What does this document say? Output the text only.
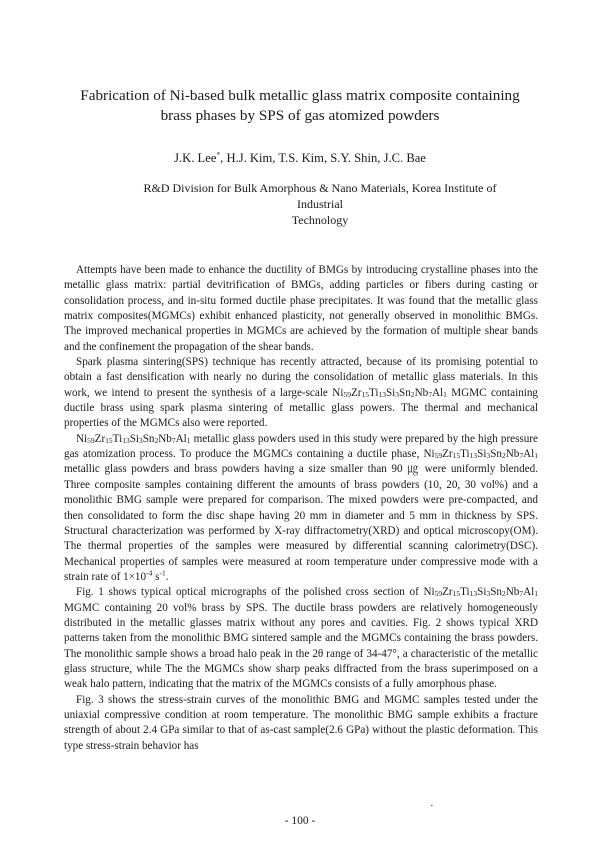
Fabrication of Ni-based bulk metallic glass matrix composite containing
brass phases by SPS of gas atomized powders
J.K. Lee*, H.J. Kim, T.S. Kim, S.Y. Shin, J.C. Bae
R&D Division for Bulk Amorphous & Nano Materials, Korea Institute of Industrial
Technology

Attempts have been made to enhance the ductility of BMGs by introducing crystalline phases into the metallic glass matrix: partial devitrification of BMGs, adding particles or fibers during casting or consolidation process, and in-situ formed ductile phase precipitates. It was found that the metallic glass matrix composites(MGMCs) exhibit enhanced plasticity, not generally observed in monolithic BMGs. The improved mechanical properties in MGMCs are achieved by the formation of multiple shear bands and the confinement the propagation of the shear bands.

Spark plasma sintering(SPS) technique has recently attracted, because of its promising potential to obtain a fast densification with nearly no during the consolidation of metallic glass materials. In this work, we intend to present the synthesis of a large-scale $Ni_{59}Zr_{15}Ti_{13}Si_3Sn_2Nb_7Al_1$ MGMC containing ductile brass using spark plasma sintering of metallic glass powers. The thermal and mechanical properties of the MGMCs also were reported.

$Ni_{59}Zr_{15}Ti_{13}Si_3Sn_2Nb_7Al_1$ metallic glass powders used in this study were prepared by the high pressure gas atomization process. To produce the MGMCs containing a ductile phase, $Ni_{59}Zr_{15}Ti_{13}Si_3Sn_2Nb_7Al_1$ metallic glass powders and brass powders having a size smaller than 90 ㎍ were uniformly blended. Three composite samples containing different the amounts of brass powders (10, 20, 30 vol%) and a monolithic BMG sample were prepared for comparison. The mixed powders were pre-compacted, and then consolidated to form the disc shape having 20 mm in diameter and 5 mm in thickness by SPS. Structural characterization was performed by X-ray diffractometry(XRD) and optical microscopy(OM). The thermal properties of the samples were measured by differential scanning calorimetry(DSC). Mechanical properties of samples were measured at room temperature under compressive mode with a strain rate of $1\times 10^{-4}$ $s^{-1}$.

Fig. 1 shows typical optical micrographs of the polished cross section of $Ni_{59}Zr_{15}Ti_{13}Si_3Sn_2Nb_7Al_1$ MGMC containing 20 vol% brass by SPS. The ductile brass powders are relatively homogeneously distributed in the metallic glasses matrix without any pores and cavities. Fig. 2 shows typical XRD patterns taken from the monolithic BMG sintered sample and the MGMCs containing the brass powders. The monolithic sample shows a broad halo peak in the 2θ range of 34-47°, a characteristic of the metallic glass structure, while The the MGMCs show sharp peaks diffracted from the brass superimposed on a weak halo pattern, indicating that the matrix of the MGMCs consists of a fully amorphous phase.

Fig. 3 shows the stress-strain curves of the monolithic BMG and MGMC samples tested under the uniaxial compressive condition at room temperature. The monolithic BMG sample exhibits a fracture strength of about 2.4 GPa similar to that of as-cast sample(2.6 GPa) without the plastic deformation. This type stress-strain behavior has

·
- 100 -
